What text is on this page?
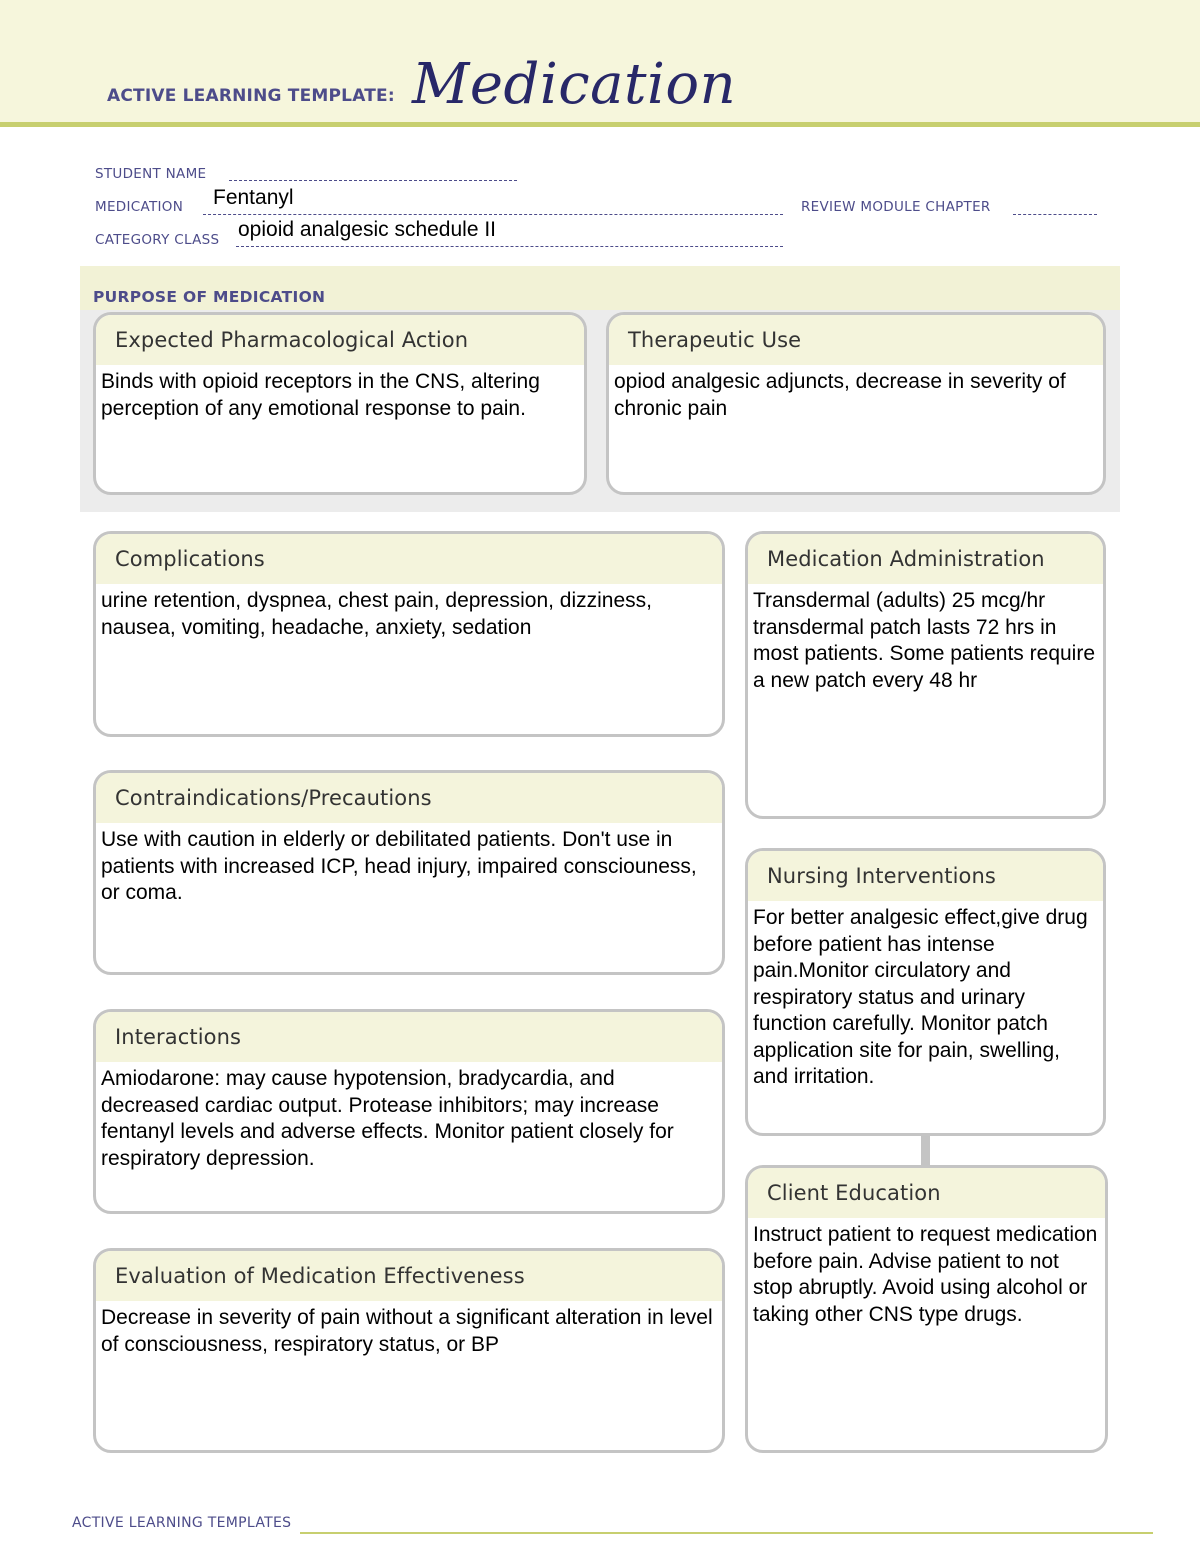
ACTIVE LEARNING TEMPLATE: Medication
STUDENT NAME
MEDICATION Fentanyl	REVIEW MODULE CHAPTER
CATEGORY CLASS opioid analgesic schedule II
PURPOSE OF MEDICATION
Expected Pharmacological Action
Binds with opioid receptors in the CNS, altering perception of any emotional response to pain.
Therapeutic Use
opiod analgesic adjuncts, decrease in severity of chronic pain
Complications
urine retention, dyspnea, chest pain, depression, dizziness, nausea, vomiting, headache, anxiety, sedation
Contraindications/Precautions
Use with caution in elderly or debilitated patients. Don't use in patients with increased ICP, head injury, impaired consciouness, or coma.
Interactions
Amiodarone: may cause hypotension, bradycardia, and decreased cardiac output. Protease inhibitors; may increase fentanyl levels and adverse effects. Monitor patient closely for respiratory depression.
Evaluation of Medication Effectiveness
Decrease in severity of pain without a significant alteration in level of consciousness, respiratory status, or BP
Medication Administration
Transdermal (adults) 25 mcg/hr transdermal patch lasts 72 hrs in most patients. Some patients require a new patch every 48 hr
Nursing Interventions
For better analgesic effect,give drug before patient has intense pain.Monitor circulatory and respiratory status and urinary function carefully. Monitor patch application site for pain, swelling, and irritation.
Client Education
Instruct patient to request medication before pain. Advise patient to not stop abruptly. Avoid using alcohol or taking other CNS type drugs.
ACTIVE LEARNING TEMPLATES
